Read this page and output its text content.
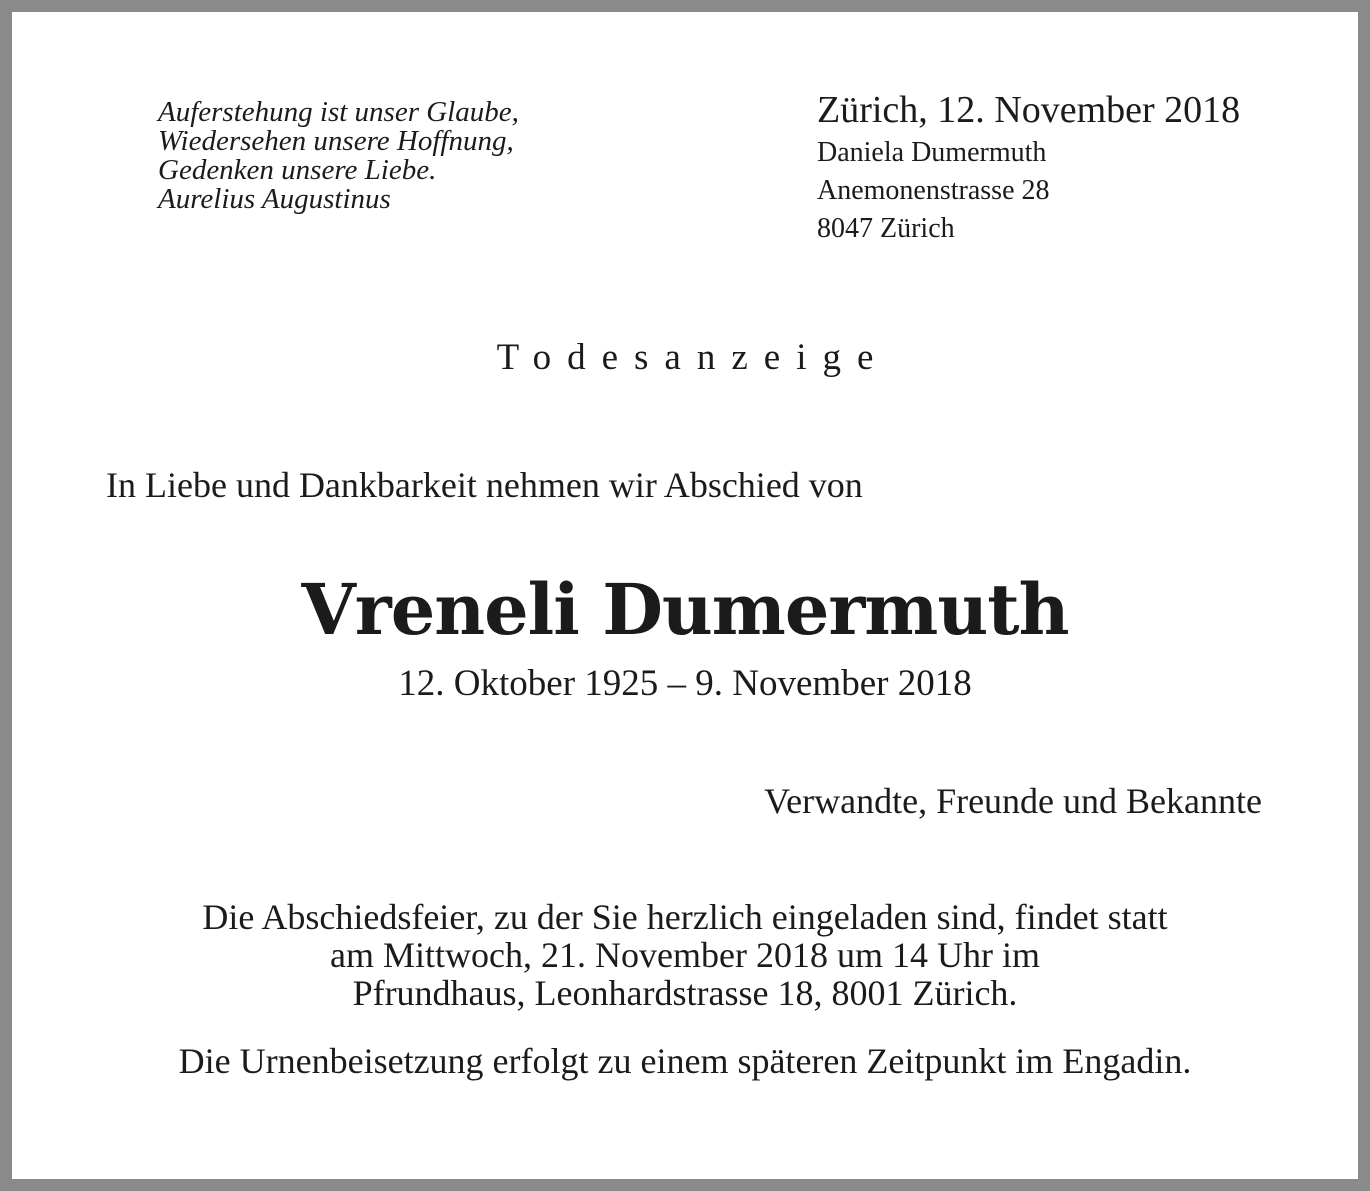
Auferstehung ist unser Glaube,
Wiedersehen unsere Hoffnung,
Gedenken unsere Liebe.
Aurelius Augustinus
Zürich, 12. November 2018
Daniela Dumermuth
Anemonenstrasse 28
8047 Zürich
Todesanzeige
In Liebe und Dankbarkeit nehmen wir Abschied von
Vreneli Dumermuth
12. Oktober 1925 – 9. November 2018
Verwandte, Freunde und Bekannte
Die Abschiedsfeier, zu der Sie herzlich eingeladen sind, findet statt
am Mittwoch, 21. November 2018 um 14 Uhr im
Pfrundhaus, Leonhardstrasse 18, 8001 Zürich.
Die Urnenbeisetzung erfolgt zu einem späteren Zeitpunkt im Engadin.
